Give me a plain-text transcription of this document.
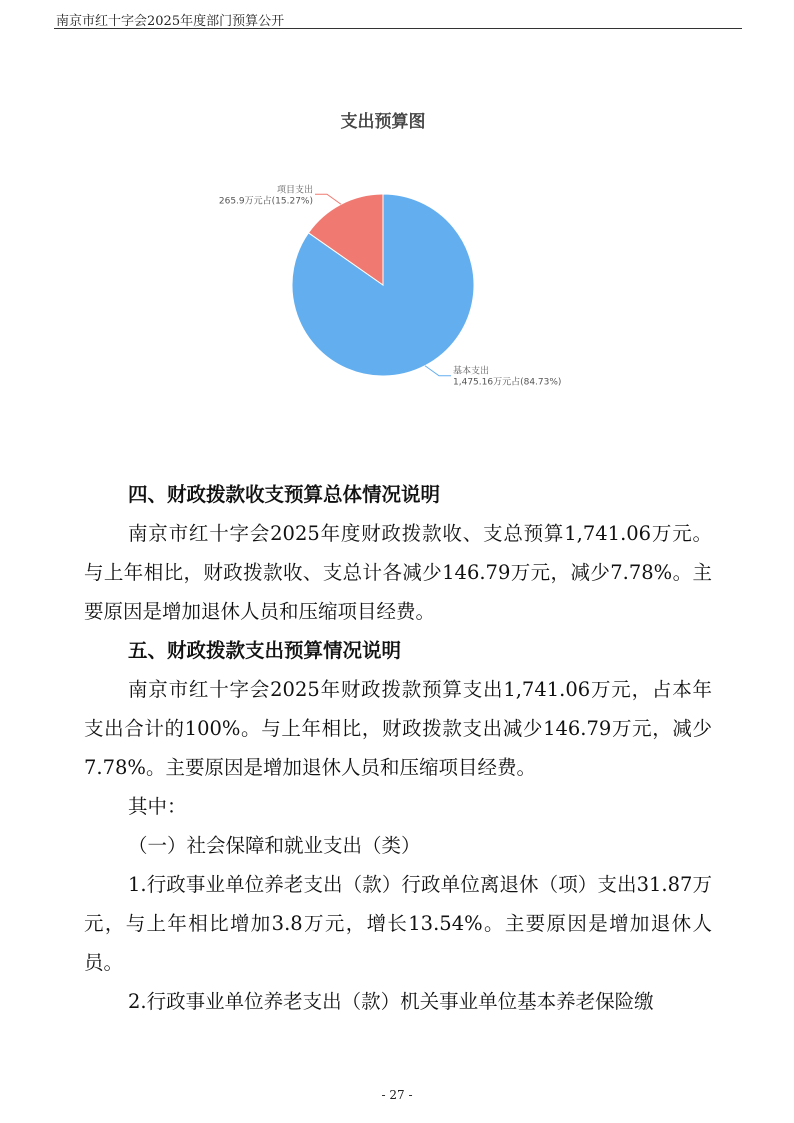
南京市红十字会2025年度部门预算公开
支出预算图
基本支出
1,475.16万元占(84.73%)
项目支出
265.9万元占(15.27%)

四、财政拨款收支预算总体情况说明

南京市红十字会2025年度财政拨款收、支总预算1,741.06万元。与上年相比，财政拨款收、支总计各减少146.79万元，减少7.78%。主要原因是增加退休人员和压缩项目经费。

五、财政拨款支出预算情况说明

南京市红十字会2025年财政拨款预算支出1,741.06万元，占本年支出合计的100%。与上年相比，财政拨款支出减少146.79万元，减少7.78%。主要原因是增加退休人员和压缩项目经费。

其中：

（一）社会保障和就业支出（类）

1.行政事业单位养老支出（款）行政单位离退休（项）支出31.87万元，与上年相比增加3.8万元，增长13.54%。主要原因是增加退休人员。

2.行政事业单位养老支出（款）机关事业单位基本养老保险缴

- 27 -
